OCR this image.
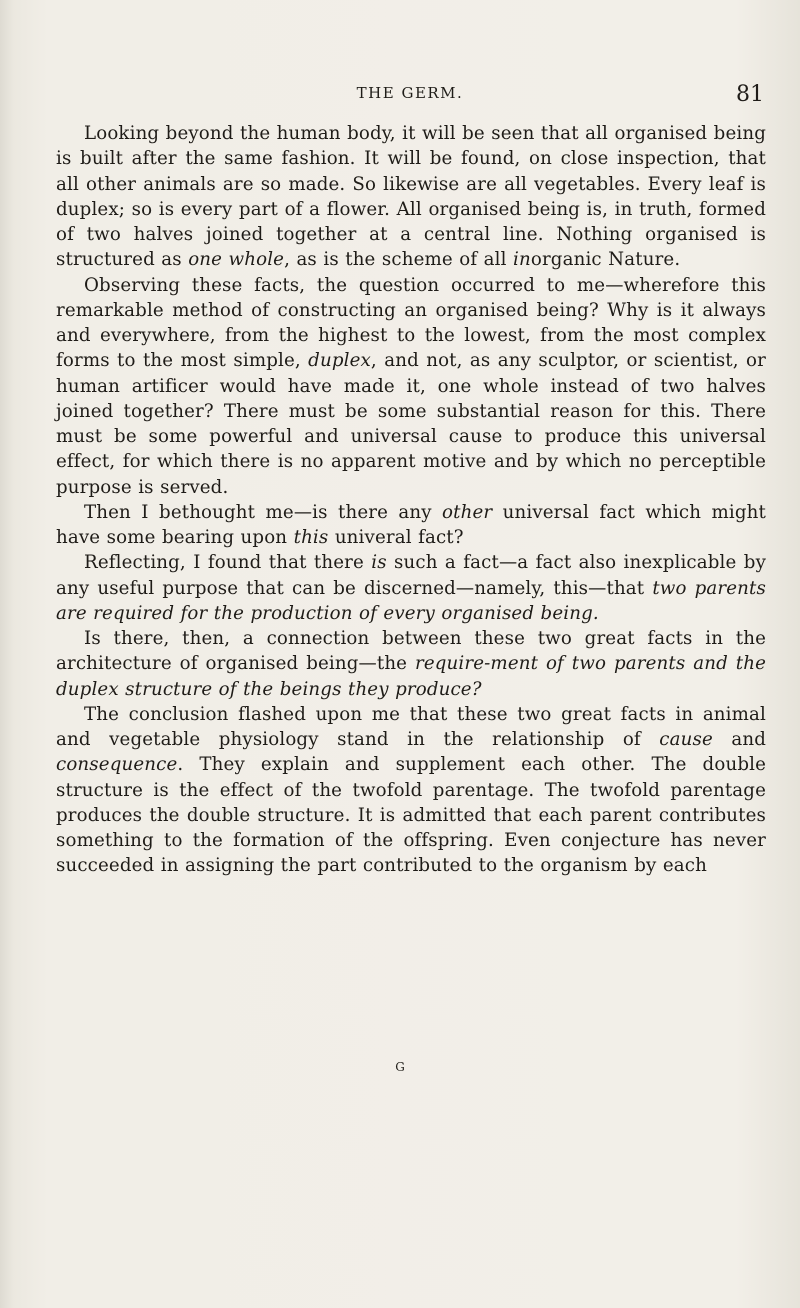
THE GERM.	81

Looking beyond the human body, it will be seen that all organised being is built after the same fashion. It will be found, on close inspection, that all other animals are so made. So likewise are all vegetables. Every leaf is duplex; so is every part of a flower. All organised being is, in truth, formed of two halves joined together at a central line. Nothing organised is structured as one whole, as is the scheme of all inorganic Nature.

Observing these facts, the question occurred to me—wherefore this remarkable method of constructing an organised being? Why is it always and everywhere, from the highest to the lowest, from the most complex forms to the most simple, duplex, and not, as any sculptor, or scientist, or human artificer would have made it, one whole instead of two halves joined together? There must be some substantial reason for this. There must be some powerful and universal cause to produce this universal effect, for which there is no apparent motive and by which no perceptible purpose is served.

Then I bethought me—is there any other universal fact which might have some bearing upon this univeral fact?

Reflecting, I found that there is such a fact—a fact also inexplicable by any useful purpose that can be discerned—namely, this—that two parents are required for the production of every organised being.

Is there, then, a connection between these two great facts in the architecture of organised being—the require-ment of two parents and the duplex structure of the beings they produce?

The conclusion flashed upon me that these two great facts in animal and vegetable physiology stand in the relationship of cause and consequence. They explain and supplement each other. The double structure is the effect of the twofold parentage. The twofold parentage produces the double structure. It is admitted that each parent contributes something to the formation of the offspring. Even conjecture has never succeeded in assigning the part contributed to the organism by each

G
